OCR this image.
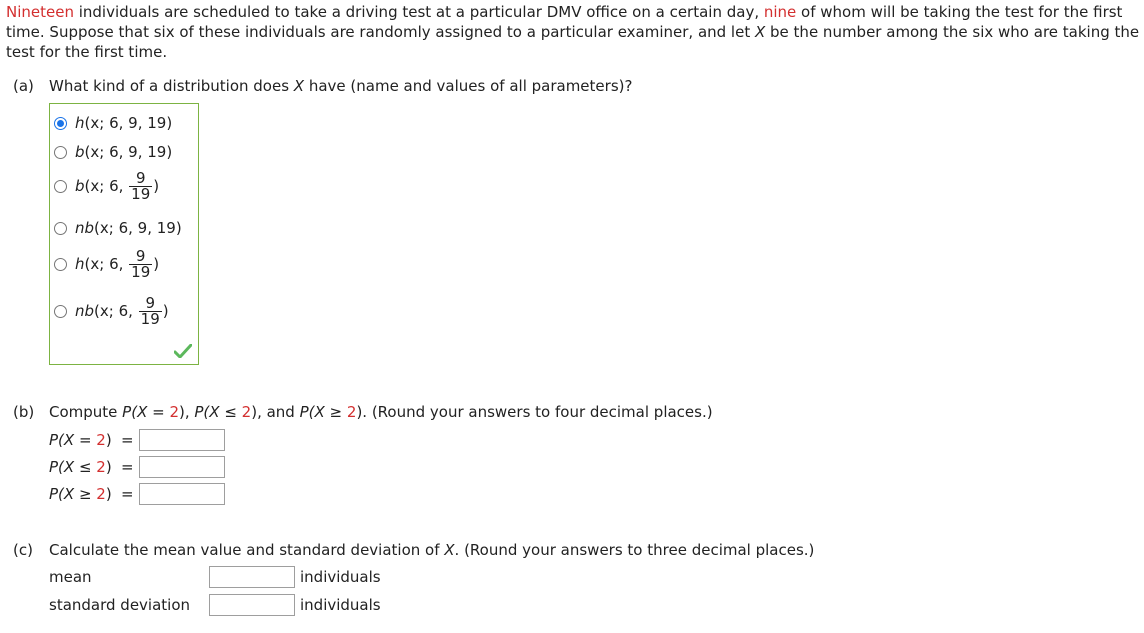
Nineteen individuals are scheduled to take a driving test at a particular DMV office on a certain day, nine of whom will be taking the test for the first time. Suppose that six of these individuals are randomly assigned to a particular examiner, and let X be the number among the six who are taking the test for the first time.
(a) What kind of a distribution does X have (name and values of all parameters)?
h(x; 6, 9, 19)
b(x; 6, 9, 19)
b(x; 6, $\frac{9}{19}$ )
nb(x; 6, 9, 19)
h(x; 6, $\frac{9}{19}$ )
nb(x; 6, $\frac{9}{19}$ )
(b) Compute P(X = 2), P(X ≤ 2), and P(X ≥ 2). (Round your answers to four decimal places.)
P(X = 2) =
P(X ≤ 2) =
P(X ≥ 2) =
(c) Calculate the mean value and standard deviation of X. (Round your answers to three decimal places.)
mean	individuals
standard deviation	individuals
